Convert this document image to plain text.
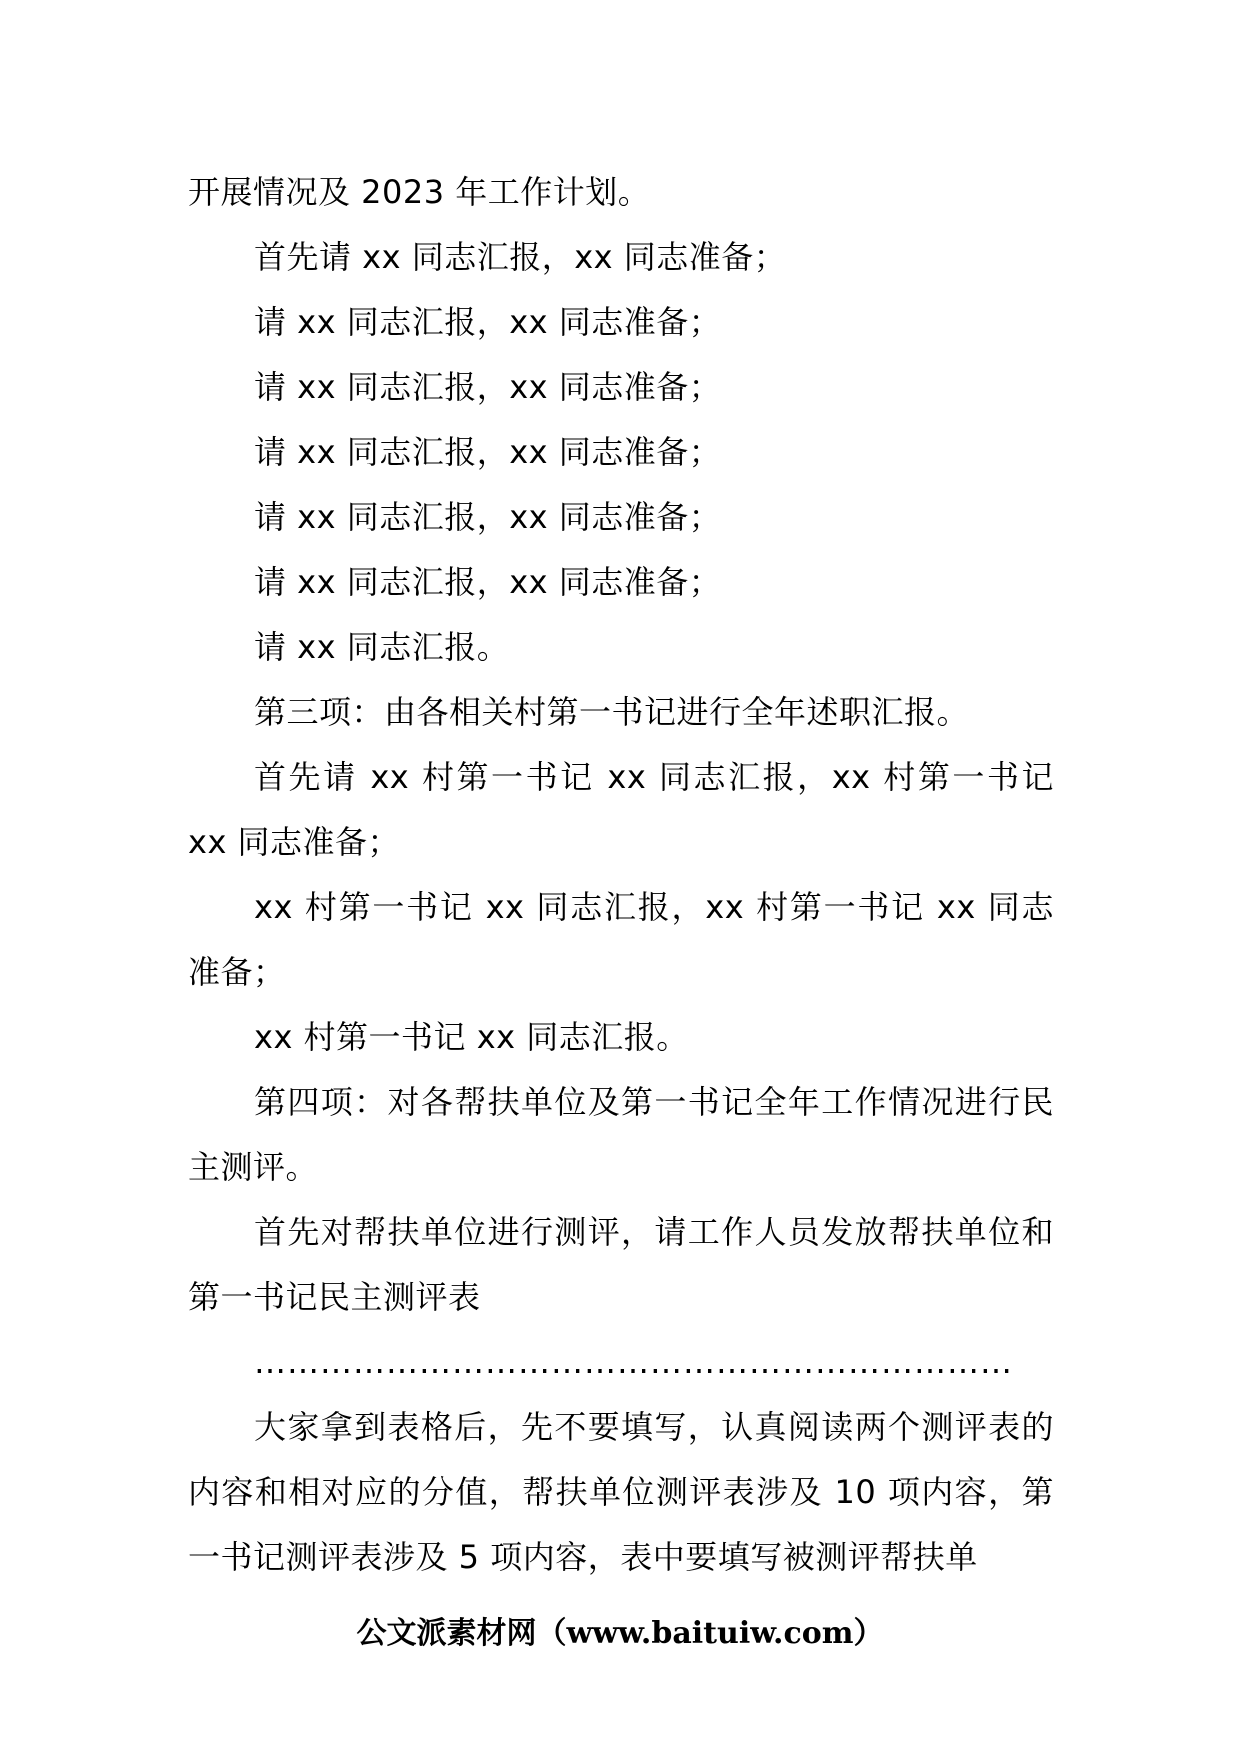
开展情况及 2023 年工作计划。

首先请 xx 同志汇报，xx 同志准备；

请 xx 同志汇报，xx 同志准备；

请 xx 同志汇报，xx 同志准备；

请 xx 同志汇报，xx 同志准备；

请 xx 同志汇报，xx 同志准备；

请 xx 同志汇报，xx 同志准备；

请 xx 同志汇报。

第三项：由各相关村第一书记进行全年述职汇报。

首先请 xx 村第一书记 xx 同志汇报，xx 村第一书记 xx 同志准备；

xx 村第一书记 xx 同志汇报，xx 村第一书记 xx 同志准备；

xx 村第一书记 xx 同志汇报。

第四项：对各帮扶单位及第一书记全年工作情况进行民主测评。

首先对帮扶单位进行测评，请工作人员发放帮扶单位和第一书记民主测评表

……………………………………………………………

大家拿到表格后，先不要填写，认真阅读两个测评表的内容和相对应的分值，帮扶单位测评表涉及 10 项内容，第一书记测评表涉及 5 项内容，表中要填写被测评帮扶单

公文派素材网（www.baituiw.com）
